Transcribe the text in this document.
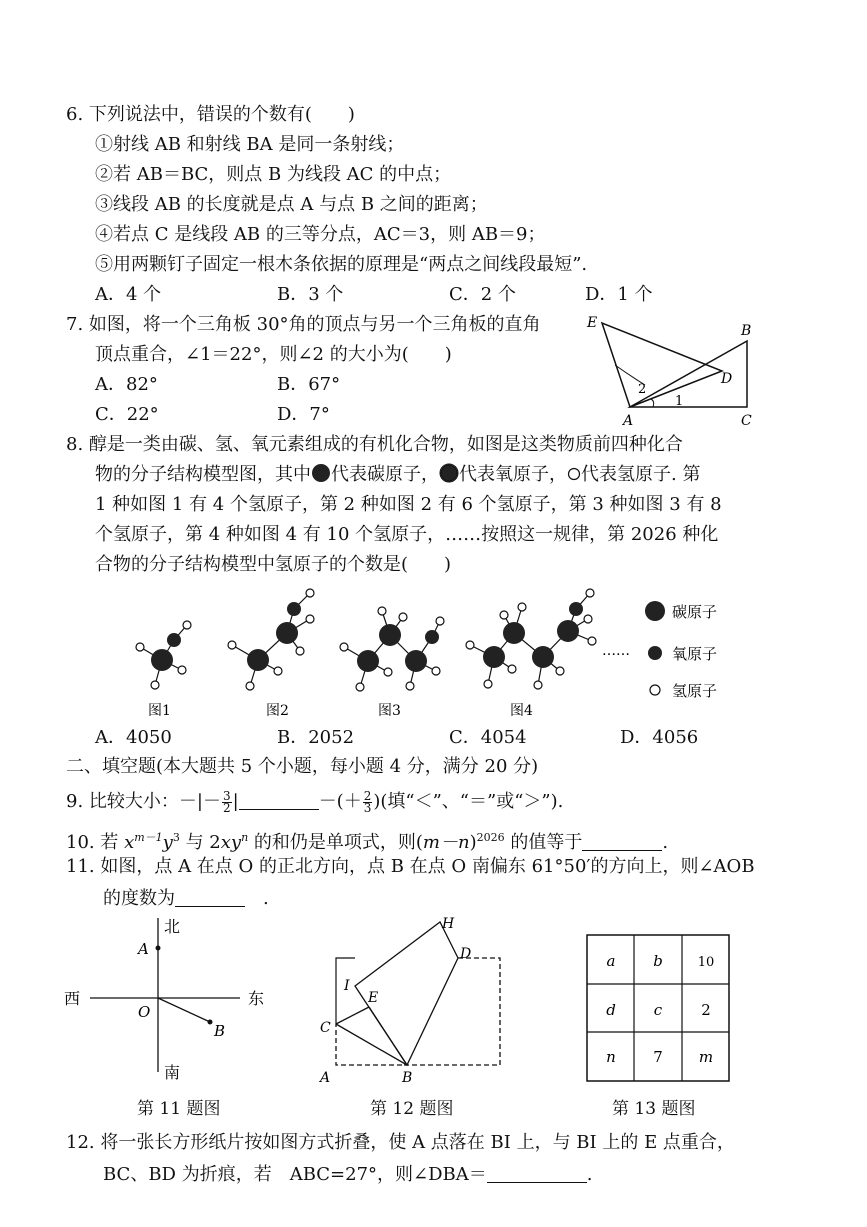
6. 下列说法中，错误的个数有(　　)
①射线 AB 和射线 BA 是同一条射线；
②若 AB＝BC，则点 B 为线段 AC 的中点；
③线段 AB 的长度就是点 A 与点 B 之间的距离；
④若点 C 是线段 AB 的三等分点，AC＝3，则 AB＝9；
⑤用两颗钉子固定一根木条依据的原理是“两点之间线段最短”.
A．4 个	B．3 个	C．2 个	D．1 个
7. 如图，将一个三角板 30°角的顶点与另一个三角板的直角
顶点重合，∠1＝22°，则∠2 的大小为(　　)
A．82°	B．67°
C．22°	D．7°
E	B
D
A	C
2
1
8. 醇是一类由碳、氢、氧元素组成的有机化合物，如图是这类物质前四种化合
物的分子结构模型图，其中 代表碳原子， 代表氧原子， 代表氢原子. 第
1 种如图 1 有 4 个氢原子，第 2 种如图 2 有 6 个氢原子，第 3 种如图 3 有 8
个氢原子，第 4 种如图 4 有 10 个氢原子，……按照这一规律，第 2026 种化
合物的分子结构模型中氢原子的个数是(　　)
……
碳原子
氧原子
氢原子
图1	图2	图3	图4
A．4050	B．2052	C．4054	D．4056
二、填空题(本大题共 5 个小题，每小题 4 分，满分 20 分)
9. 比较大小：－|－ $\frac{3}{2}$ |	－(＋ $\frac{2}{3}$ )(填“＜”、“＝”或“＞”).
10. 若 $x^{m-1}y^3$ 与 $2xy^n$ 的和仍是单项式，则$(m-n)^{2026}$ 的值等于	.
11. 如图，点 A 在点 O 的正北方向，点 B 在点 O 南偏东 61°50′的方向上，则∠AOB
的度数为　	.
北
南
西	东
A
O
B
H
D
I
E
C
A	B
a	b	10
d	c	2
n 7 m
第 11 题图	第 12 题图	第 13 题图
12. 将一张长方形纸片按如图方式折叠，使 A 点落在 BI 上，与 BI 上的 E 点重合，
BC、BD 为折痕，若　ABC=27°，则∠DBA＝	.
